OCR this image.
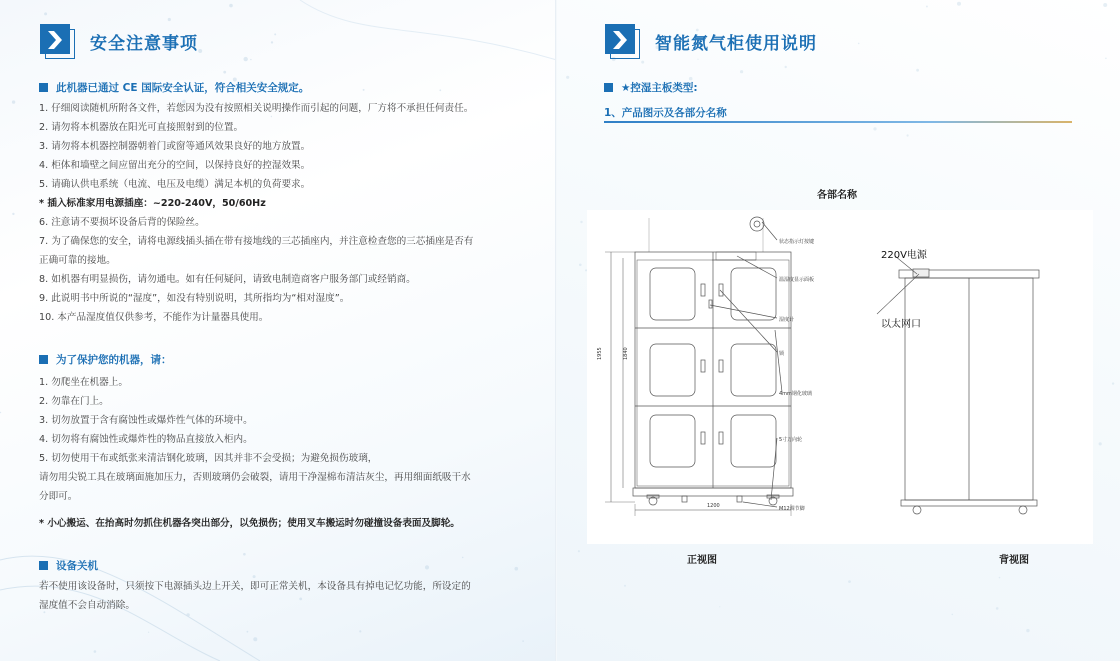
安全注意事项
此机器已通过 CE 国际安全认证，符合相关安全规定。
1. 仔细阅读随机所附各文件，若您因为没有按照相关说明操作而引起的问题，厂方将不承担任何责任。
2. 请勿将本机器放在阳光可直接照射到的位置。
3. 请勿将本机器控制器朝着门或窗等通风效果良好的地方放置。
4. 柜体和墙壁之间应留出充分的空间，以保持良好的控湿效果。
5. 请确认供电系统（电流、电压及电缆）满足本机的负荷要求。
* 插入标准家用电源插座：~220-240V，50/60Hz
6. 注意请不要损坏设备后背的保险丝。
7. 为了确保您的安全，请将电源线插头插在带有接地线的三芯插座内，并注意检查您的三芯插座是否有
正确可靠的接地。
8. 如机器有明显损伤，请勿通电。如有任何疑问，请致电制造商客户服务部门或经销商。
9. 此说明书中所说的“湿度”，如没有特别说明，其所指均为“相对湿度”。
10. 本产品湿度值仅供参考，不能作为计量器具使用。
为了保护您的机器，请：
1. 勿爬坐在机器上。
2. 勿靠在门上。
3. 切勿放置于含有腐蚀性或爆炸性气体的环境中。
4. 切勿将有腐蚀性或爆炸性的物品直接放入柜内。
5. 切勿使用干布或纸张来清洁钢化玻璃，因其并非不会受损；为避免损伤玻璃，
请勿用尖锐工具在玻璃面施加压力，否则玻璃仍会破裂，请用干净湿棉布清洁灰尘，再用细面纸吸干水
分即可。
* 小心搬运、在抬高时勿抓住机器各突出部分，以免损伤；使用叉车搬运时勿碰撞设备表面及脚轮。
设备关机
若不使用该设备时，只须按下电源插头边上开关，即可正常关机，本设备具有掉电记忆功能，所设定的
湿度值不会自动消除。
智能氮气柜使用说明
★控湿主板类型:
1、产品图示及各部分名称
各部名称
1955	1840
1200
状态指示灯按键
温湿度显示面板
湿度计
锁
4mm钢化玻璃
5寸万向轮
M12调节脚
220V电源
以太网口
正视图	背视图
